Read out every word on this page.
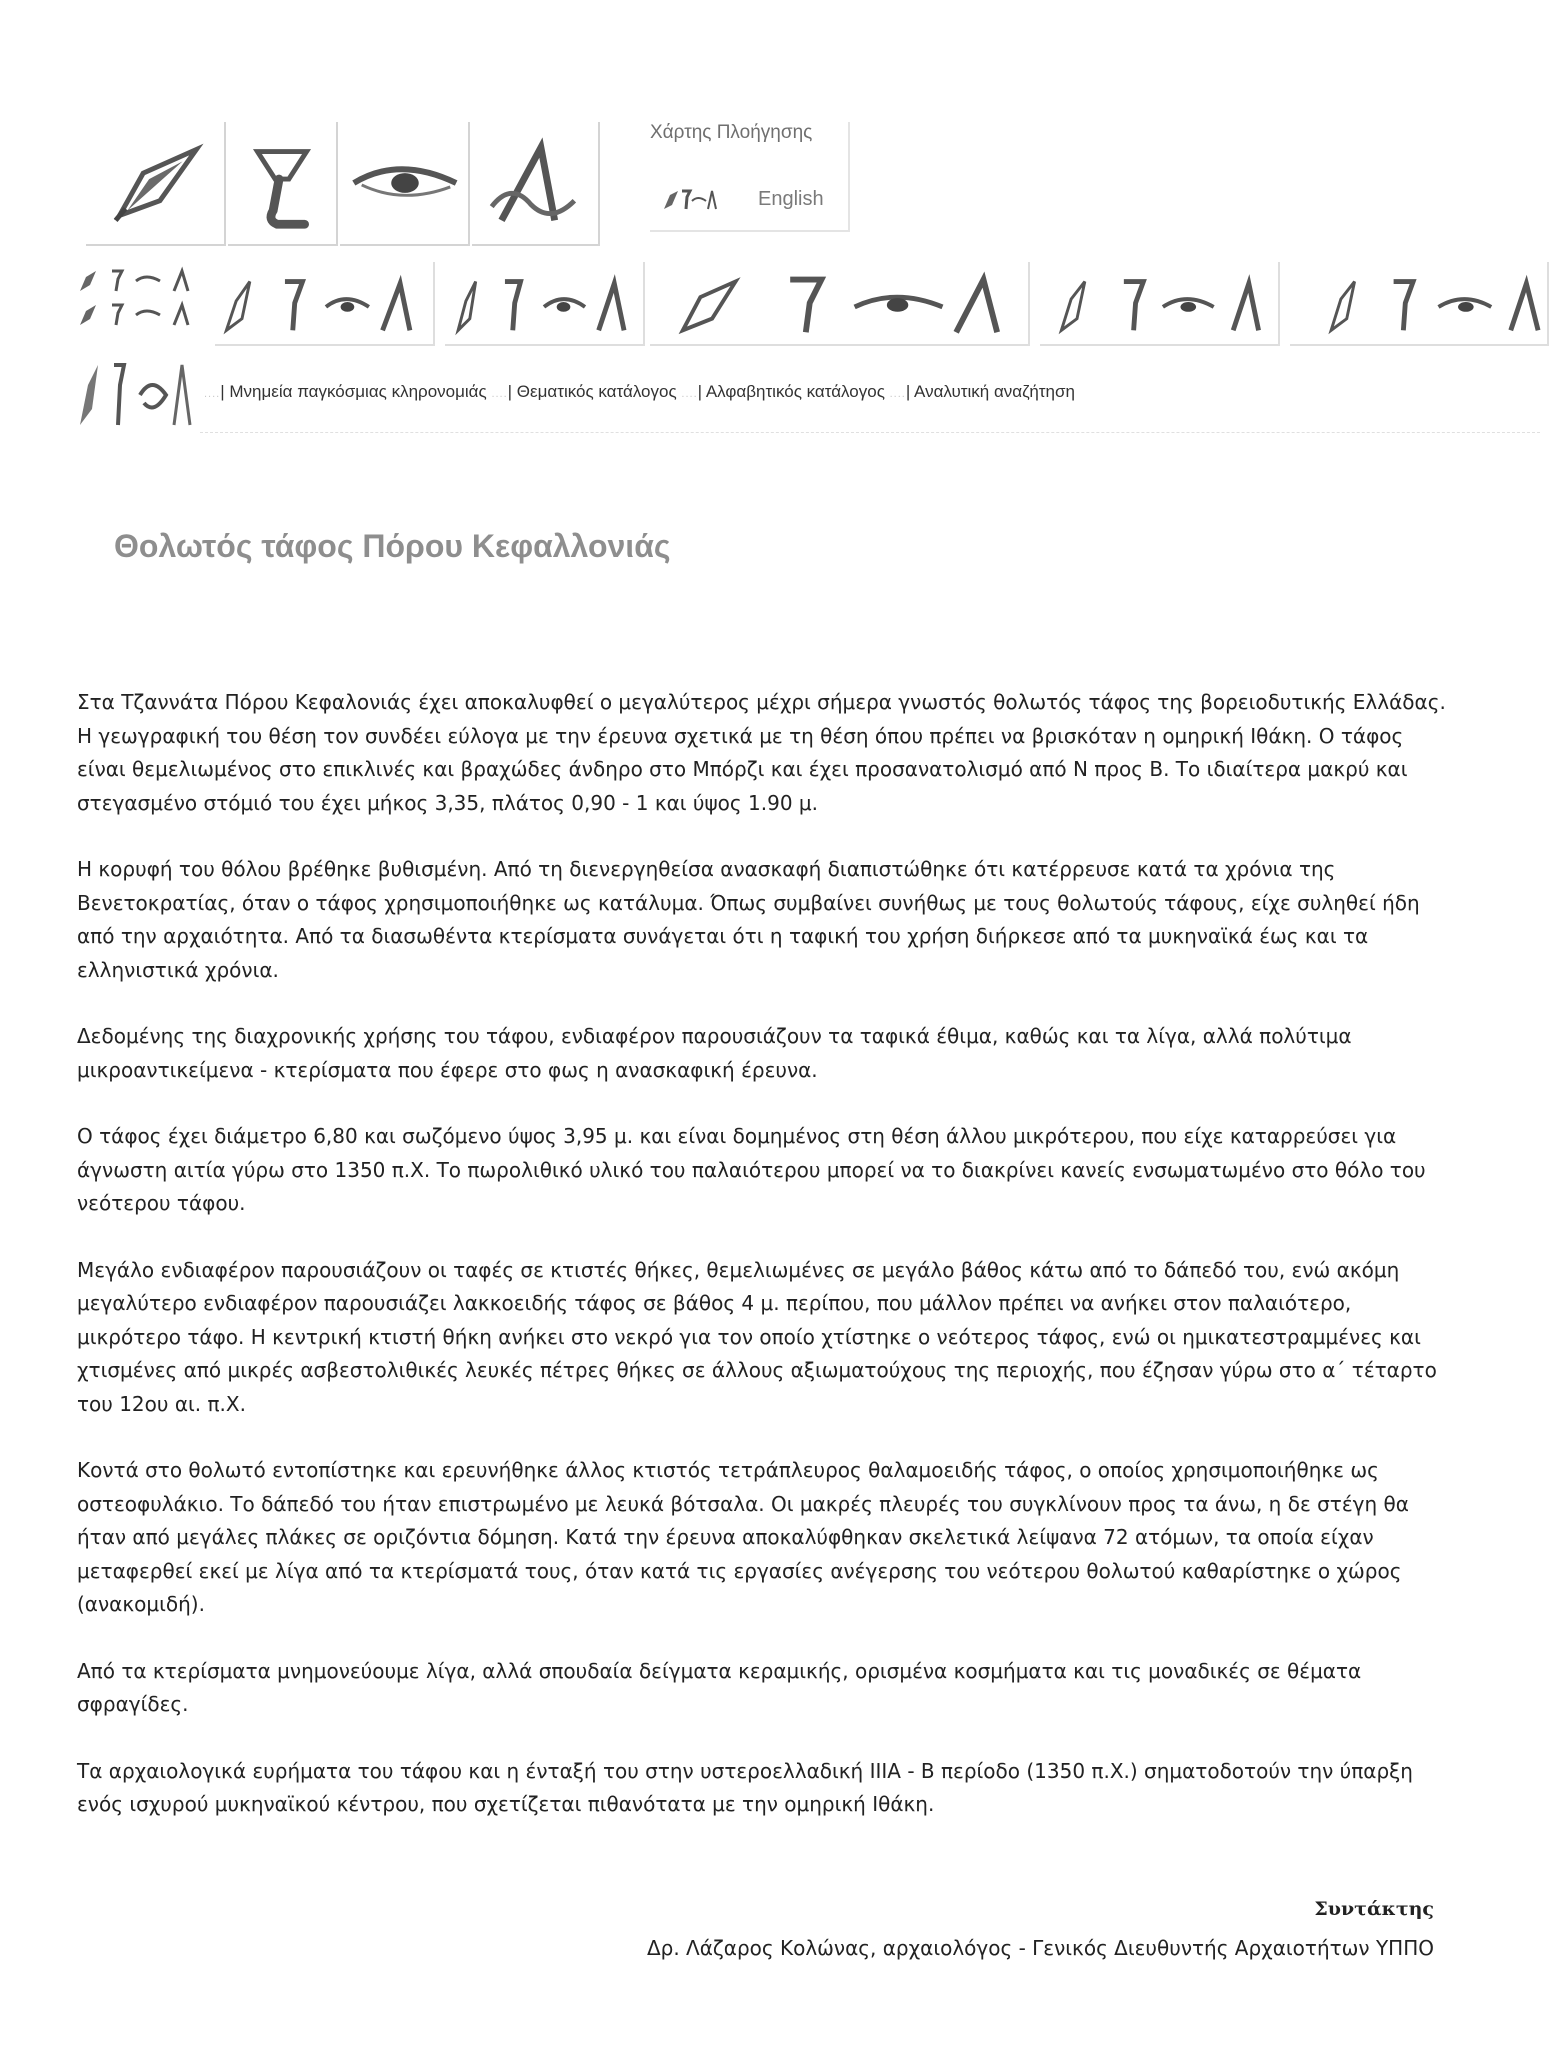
Χάρτης Πλοήγησης
English
....| Μνημεία παγκόσμιας κληρονομιάς ....| Θεματικός κατάλογος ....| Αλφαβητικός κατάλογος ....| Αναλυτική αναζήτηση
Θολωτός τάφος Πόρου Κεφαλλονιάς

Στα Τζαννάτα Πόρου Κεφαλονιάς έχει αποκαλυφθεί ο μεγαλύτερος μέχρι σήμερα γνωστός θολωτός τάφος της βορειοδυτικής Ελλάδας. Η γεωγραφική του θέση τον συνδέει εύλογα με την έρευνα σχετικά με τη θέση όπου πρέπει να βρισκόταν η ομηρική Ιθάκη. Ο τάφος είναι θεμελιωμένος στο επικλινές και βραχώδες άνδηρο στο Μπόρζι και έχει προσανατολισμό από Ν προς Β. Το ιδιαίτερα μακρύ και στεγασμένο στόμιό του έχει μήκος 3,35, πλάτος 0,90 - 1 και ύψος 1.90 μ.

Η κορυφή του θόλου βρέθηκε βυθισμένη. Από τη διενεργηθείσα ανασκαφή διαπιστώθηκε ότι κατέρρευσε κατά τα χρόνια της Βενετοκρατίας, όταν ο τάφος χρησιμοποιήθηκε ως κατάλυμα. Όπως συμβαίνει συνήθως με τους θολωτούς τάφους, είχε συληθεί ήδη από την αρχαιότητα. Από τα διασωθέντα κτερίσματα συνάγεται ότι η ταφική του χρήση διήρκεσε από τα μυκηναϊκά έως και τα ελληνιστικά χρόνια.

Δεδομένης της διαχρονικής χρήσης του τάφου, ενδιαφέρον παρουσιάζουν τα ταφικά έθιμα, καθώς και τα λίγα, αλλά πολύτιμα μικροαντικείμενα - κτερίσματα που έφερε στο φως η ανασκαφική έρευνα.

Ο τάφος έχει διάμετρο 6,80 και σωζόμενο ύψος 3,95 μ. και είναι δομημένος στη θέση άλλου μικρότερου, που είχε καταρρεύσει για άγνωστη αιτία γύρω στο 1350 π.Χ. Το πωρολιθικό υλικό του παλαιότερου μπορεί να το διακρίνει κανείς ενσωματωμένο στο θόλο του νεότερου τάφου.

Μεγάλο ενδιαφέρον παρουσιάζουν οι ταφές σε κτιστές θήκες, θεμελιωμένες σε μεγάλο βάθος κάτω από το δάπεδό του, ενώ ακόμη μεγαλύτερο ενδιαφέρον παρουσιάζει λακκοειδής τάφος σε βάθος 4 μ. περίπου, που μάλλον πρέπει να ανήκει στον παλαιότερο, μικρότερο τάφο. Η κεντρική κτιστή θήκη ανήκει στο νεκρό για τον οποίο χτίστηκε ο νεότερος τάφος, ενώ οι ημικατεστραμμένες και χτισμένες από μικρές ασβεστολιθικές λευκές πέτρες θήκες σε άλλους αξιωματούχους της περιοχής, που έζησαν γύρω στο α΄ τέταρτο του 12ου αι. π.Χ.

Κοντά στο θολωτό εντοπίστηκε και ερευνήθηκε άλλος κτιστός τετράπλευρος θαλαμοειδής τάφος, ο οποίος χρησιμοποιήθηκε ως οστεοφυλάκιο. Το δάπεδό του ήταν επιστρωμένο με λευκά βότσαλα. Οι μακρές πλευρές του συγκλίνουν προς τα άνω, η δε στέγη θα ήταν από μεγάλες πλάκες σε οριζόντια δόμηση. Κατά την έρευνα αποκαλύφθηκαν σκελετικά λείψανα 72 ατόμων, τα οποία είχαν μεταφερθεί εκεί με λίγα από τα κτερίσματά τους, όταν κατά τις εργασίες ανέγερσης του νεότερου θολωτού καθαρίστηκε ο χώρος (ανακομιδή).

Από τα κτερίσματα μνημονεύουμε λίγα, αλλά σπουδαία δείγματα κεραμικής, ορισμένα κοσμήματα και τις μοναδικές σε θέματα σφραγίδες.

Τα αρχαιολογικά ευρήματα του τάφου και η ένταξή του στην υστεροελλαδική ΙΙΙΑ - Β περίοδο (1350 π.Χ.) σηματοδοτούν την ύπαρξη ενός ισχυρού μυκηναϊκού κέντρου, που σχετίζεται πιθανότατα με την ομηρική Ιθάκη.

Συντάκτης
Δρ. Λάζαρος Κολώνας, αρχαιολόγος - Γενικός Διευθυντής Αρχαιοτήτων ΥΠΠΟ
